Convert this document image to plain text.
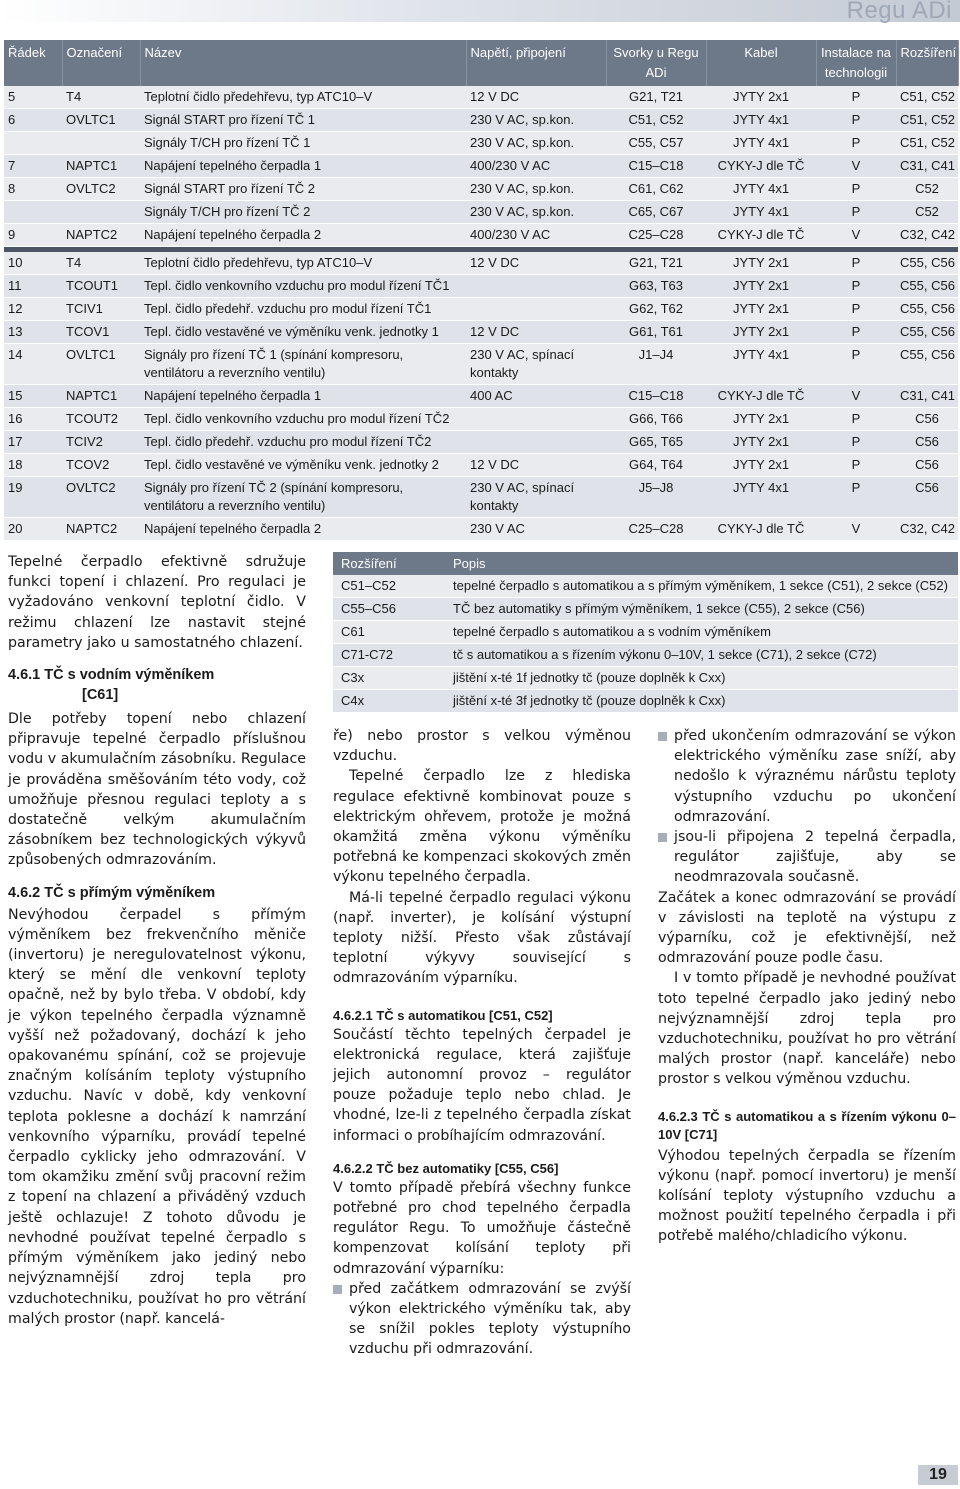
Regu ADi
Řádek	Označení	Název	Napětí, připojení	Svorky u Regu ADi	Kabel	Instalace na technologii	Rozšíření
5	T4	Teplotní čidlo předehřevu, typ ATC10–V	12 V DC	G21, T21	JYTY 2x1	P	C51, C52
6	OVLTC1	Signál START pro řízení TČ 1	230 V AC, sp.kon.	C51, C52	JYTY 4x1	P	C51, C52
		Signály T/CH pro řízení TČ 1	230 V AC, sp.kon.	C55, C57	JYTY 4x1	P	C51, C52
7	NAPTC1	Napájení tepelného čerpadla 1	400/230 V AC	C15–C18	CYKY-J dle TČ	V	C31, C41
8	OVLTC2	Signál START pro řízení TČ 2	230 V AC, sp.kon.	C61, C62	JYTY 4x1	P	C52
		Signály T/CH pro řízení TČ 2	230 V AC, sp.kon.	C65, C67	JYTY 4x1	P	C52
9	NAPTC2	Napájení tepelného čerpadla 2	400/230 V AC	C25–C28	CYKY-J dle TČ	V	C32, C42

10	T4	Teplotní čidlo předehřevu, typ ATC10–V	12 V DC	G21, T21	JYTY 2x1	P	C55, C56
11	TCOUT1	Tepl. čidlo venkovního vzduchu pro modul řízení TČ1		G63, T63	JYTY 2x1	P	C55, C56
12	TCIV1	Tepl. čidlo předehř. vzduchu pro modul řízení TČ1		G62, T62	JYTY 2x1	P	C55, C56
13	TCOV1	Tepl. čidlo vestavěné ve výměníku venk. jednotky 1	12 V DC	G61, T61	JYTY 2x1	P	C55, C56
14	OVLTC1	Signály pro řízení TČ 1 (spínání kompresoru, ventilátoru a reverzního ventilu)	230 V AC, spínací kontakty	J1–J4	JYTY 4x1	P	C55, C56
15	NAPTC1	Napájení tepelného čerpadla 1	400 AC	C15–C18	CYKY-J dle TČ	V	C31, C41
16	TCOUT2	Tepl. čidlo venkovního vzduchu pro modul řízení TČ2		G66, T66	JYTY 2x1	P	C56
17	TCIV2	Tepl. čidlo předehř. vzduchu pro modul řízení TČ2		G65, T65	JYTY 2x1	P	C56
18	TCOV2	Tepl. čidlo vestavěné ve výměníku venk. jednotky 2	12 V DC	G64, T64	JYTY 2x1	P	C56
19	OVLTC2	Signály pro řízení TČ 2 (spínání kompresoru, ventilátoru a reverzního ventilu)	230 V AC, spínací kontakty	J5–J8	JYTY 4x1	P	C56
20	NAPTC2	Napájení tepelného čerpadla 2	230 V AC	C25–C28	CYKY-J dle TČ	V	C32, C42
Rozšíření	Popis
C51–C52	tepelné čerpadlo s automatikou a s přímým výměníkem, 1 sekce (C51), 2 sekce (C52)
C55–C56	TČ bez automatiky s přímým výměníkem, 1 sekce (C55), 2 sekce (C56)
C61	tepelné čerpadlo s automatikou a s vodním výměníkem
C71-C72	tč s automatikou a s řízením výkonu 0–10V, 1 sekce (C71), 2 sekce (C72)
C3x	jištění x-té 1f jednotky tč (pouze doplněk k Cxx)
C4x	jištění x-té 3f jednotky tč (pouze doplněk k Cxx)

Tepelné čerpadlo efektivně sdružuje funkci topení i chlazení. Pro regulaci je vyžadováno venkovní teplotní čidlo. V režimu chlazení lze nastavit stejné parametry jako u samostatného chlazení.

4.6.1 TČ s vodním výměníkem
[C61]

Dle potřeby topení nebo chlazení připravuje tepelné čerpadlo příslušnou vodu v akumulačním zásobníku. Regulace je prováděna směšováním této vody, což umožňuje přesnou regulaci teploty a s dostatečně velkým akumulačním zásobníkem bez technologických výkyvů způsobených odmrazováním.

4.6.2 TČ s přímým výměníkem

Nevýhodou čerpadel s přímým výměníkem bez frekvenčního měniče (invertoru) je neregulovatelnost výkonu, který se mění dle venkovní teploty opačně, než by bylo třeba. V období, kdy je výkon tepelného čerpadla významně vyšší než požadovaný, dochází k jeho opakovanému spínání, což se projevuje značným kolísáním teploty výstupního vzduchu. Navíc v době, kdy venkovní teplota poklesne a dochází k namrzání venkovního výparníku, provádí tepelné čerpadlo cyklicky jeho odmrazování. V tom okamžiku změní svůj pracovní režim z topení na chlazení a přiváděný vzduch ještě ochlazuje! Z tohoto důvodu je nevhodné používat tepelné čerpadlo s přímým výměníkem jako jediný nebo nejvýznamnější zdroj tepla pro vzduchotechniku, používat ho pro větrání malých prostor (např. kancelá-

ře) nebo prostor s velkou výměnou vzduchu.

Tepelné čerpadlo lze z hlediska regulace efektivně kombinovat pouze s elektrickým ohřevem, protože je možná okamžitá změna výkonu výměníku potřebná ke kompenzaci skokových změn výkonu tepelného čerpadla.

Má-li tepelné čerpadlo regulaci výkonu (např. inverter), je kolísání výstupní teploty nižší. Přesto však zůstávají teplotní výkyvy související s odmrazováním výparníku.

4.6.2.1 TČ s automatikou [C51, C52]

Součástí těchto tepelných čerpadel je elektronická regulace, která zajišťuje jejich autonomní provoz – regulátor pouze požaduje teplo nebo chlad. Je vhodné, lze-li z tepelného čerpadla získat informaci o probíhajícím odmrazování.

4.6.2.2 TČ bez automatiky [C55, C56]

V tomto případě přebírá všechny funkce potřebné pro chod tepelného čerpadla regulátor Regu. To umožňuje částečně kompenzovat kolísání teploty při odmrazování výparníku:

před začátkem odmrazování se zvýší výkon elektrického výměníku tak, aby se snížil pokles teploty výstupního vzduchu při odmrazování.
před ukončením odmrazování se výkon elektrického výměníku zase sníží, aby nedošlo k výraznému nárůstu teploty výstupního vzduchu po ukončení odmrazování.
jsou-li připojena 2 tepelná čerpadla, regulátor zajišťuje, aby se neodmrazovala současně.

Začátek a konec odmrazování se provádí v závislosti na teplotě na výstupu z výparníku, což je efektivnější, než odmrazování pouze podle času.

I v tomto případě je nevhodné používat toto tepelné čerpadlo jako jediný nebo nejvýznamnější zdroj tepla pro vzduchotechniku, používat ho pro větrání malých prostor (např. kanceláře) nebo prostor s velkou výměnou vzduchu.

4.6.2.3 TČ s automatikou a s řízením výkonu 0–10V [C71]

Výhodou tepelných čerpadla se řízením výkonu (např. pomocí invertoru) je menší kolísání teploty výstupního vzduchu a možnost použití tepelného čerpadla i při potřebě malého/chladicího výkonu.

19
